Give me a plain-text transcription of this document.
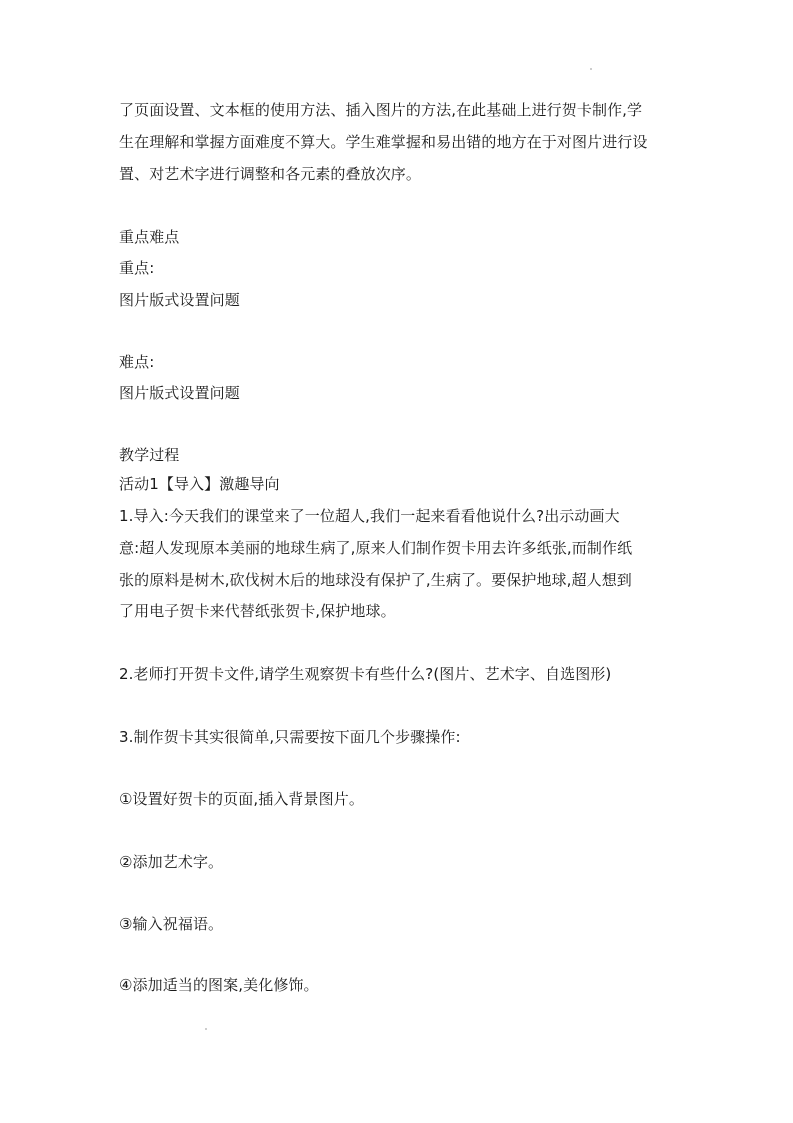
了页面设置、文本框的使用方法、插入图片的方法,在此基础上进行贺卡制作,学
生在理解和掌握方面难度不算大。学生难掌握和易出错的地方在于对图片进行设
置、对艺术字进行调整和各元素的叠放次序。
重点难点
重点:
图片版式设置问题
难点:
图片版式设置问题
教学过程
活动1【导入】激趣导向
1.导入:今天我们的课堂来了一位超人,我们一起来看看他说什么?出示动画大
意:超人发现原本美丽的地球生病了,原来人们制作贺卡用去许多纸张,而制作纸
张的原料是树木,砍伐树木后的地球没有保护了,生病了。要保护地球,超人想到
了用电子贺卡来代替纸张贺卡,保护地球。
2.老师打开贺卡文件,请学生观察贺卡有些什么?(图片、艺术字、自选图形)
3.制作贺卡其实很简单,只需要按下面几个步骤操作:
①设置好贺卡的页面,插入背景图片。
②添加艺术字。
③输入祝福语。
④添加适当的图案,美化修饰。
